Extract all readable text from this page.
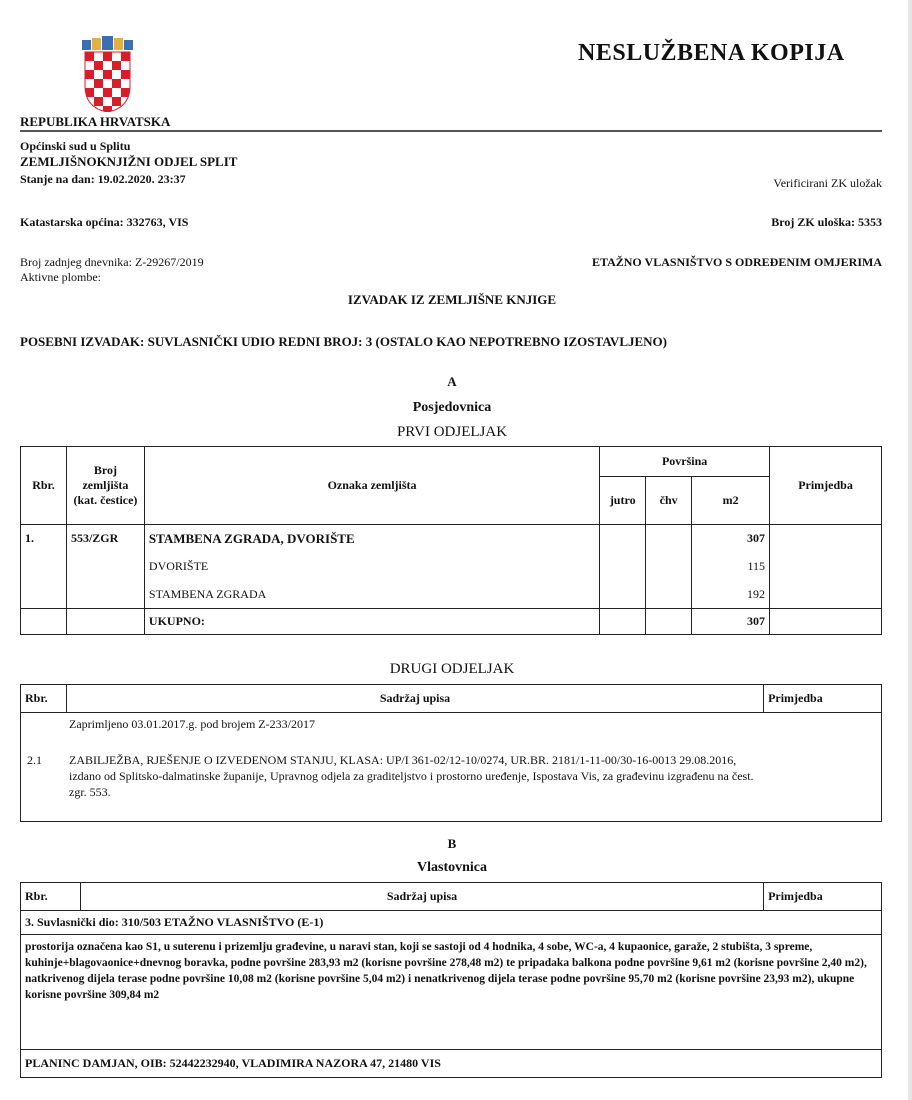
NESLUŽBENA KOPIJA
REPUBLIKA HRVATSKA
Općinski sud u Splitu
ZEMLJIŠNOKNJIŽNI ODJEL SPLIT
Stanje na dan: 19.02.2020. 23:37	Verificirani ZK uložak
Katastarska općina: 332763, VIS	Broj ZK uloška: 5353
Broj zadnjeg dnevnika: Z-29267/2019
Aktivne plombe:
ETAŽNO VLASNIŠTVO S ODREĐENIM OMJERIMA
IZVADAK IZ ZEMLJIŠNE KNJIGE
POSEBNI IZVADAK: SUVLASNIČKI UDIO REDNI BROJ: 3 (OSTALO KAO NEPOTREBNO IZOSTAVLJENO)
A
Posjedovnica
PRVI ODJELJAK
Rbr.	Broj zemljišta (kat. čestice)	Oznaka zemljišta	Površina			Primjedba
			jutro	čhv	m2	
1.	553/ZGR	STAMBENA ZGRADA, DVORIŠTE			307	
		DVORIŠTE			115	
		STAMBENA ZGRADA			192	
		UKUPNO:			307	
DRUGI ODJELJAK
Rbr.	Sadržaj upisa	Primjedba

Zaprimljeno 03.01.2017.g. pod brojem Z-233/2017
2.1	ZABILJEŽBA, RJEŠENJE O IZVEDENOM STANJU, KLASA: UP/I 361-02/12-10/0274, UR.BR. 2181/1-11-00/30-16-0013 29.08.2016, izdano od Splitsko-dalmatinske županije, Upravnog odjela za graditeljstvo i prostorno uređenje, Ispostava Vis, za građevinu izgrađenu na čest. zgr. 553.
B
Vlastovnica
Rbr.	Sadržaj upisa	Primjedba
3. Suvlasnički dio: 310/503 ETAŽNO VLASNIŠTVO (E-1)
prostorija označena kao S1, u suterenu i prizemlju građevine, u naravi stan, koji se sastoji od 4 hodnika, 4 sobe, WC-a, 4 kupaonice, garaže, 2 stubišta, 3 spreme, kuhinje+blagovaonice+dnevnog boravka, podne površine 283,93 m2 (korisne površine 278,48 m2) te pripadaka balkona podne površine 9,61 m2 (korisne površine 2,40 m2), natkrivenog dijela terase podne površine 10,08 m2 (korisne površine 5,04 m2) i nenatkrivenog dijela terase podne površine 95,70 m2 (korisne površine 23,93 m2), ukupne korisne površine 309,84 m2
PLANINC DAMJAN, OIB: 52442232940, VLADIMIRA NAZORA 47, 21480 VIS
